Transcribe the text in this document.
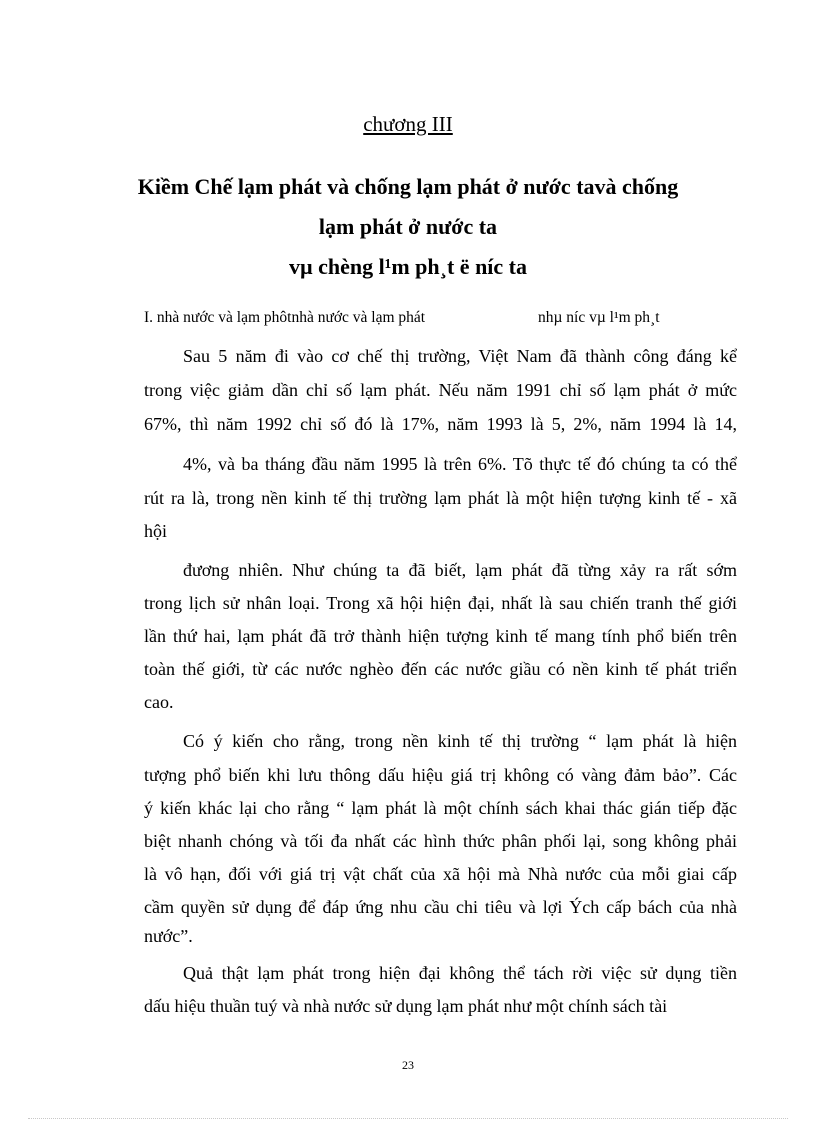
chương III
Kiềm Chế lạm phát và chống lạm phát ở nước tavà chống
lạm phát ở nước ta
vµ chèng l¹m ph¸t ë níc ta
I. nhà nước và lạm phôtnhà nước và lạm phát	nhµ níc vµ l¹m ph¸t
Sau 5 năm đi vào cơ chế thị trường, Việt Nam đã thành công đáng kể
trong việc giảm dần chỉ số lạm phát. Nếu năm 1991 chỉ số lạm phát ở mức
67%, thì năm 1992 chỉ số đó là 17%, năm 1993 là 5, 2%, năm 1994 là 14,
4%, và ba tháng đầu năm 1995 là trên 6%. Tõ thực tế đó chúng ta có thể
rút ra là, trong nền kinh tế thị trường lạm phát là một hiện tượng kinh tế - xã
hội
đương nhiên. Như chúng ta đã biết, lạm phát đã từng xảy ra rất sớm
trong lịch sử nhân loại. Trong xã hội hiện đại, nhất là sau chiến tranh thế giới
lần thứ hai, lạm phát đã trở thành hiện tượng kinh tế mang tính phổ biến trên
toàn thế giới, từ các nước nghèo đến các nước giầu có nền kinh tế phát triển
cao.
Có ý kiến cho rằng, trong nền kinh tế thị trường “ lạm phát là hiện
tượng phổ biến khi lưu thông dấu hiệu giá trị không có vàng đảm bảo”. Các
ý kiến khác lại cho rằng “ lạm phát là một chính sách khai thác gián tiếp đặc
biệt nhanh chóng và tối đa nhất các hình thức phân phối lại, song không phải
là vô hạn, đối với giá trị vật chất của xã hội mà Nhà nước của mỗi giai cấp
cầm quyền sử dụng để đáp ứng nhu cầu chi tiêu và lợi Ých cấp bách của nhà
nước”.
Quả thật lạm phát trong hiện đại không thể tách rời việc sử dụng tiền
dấu hiệu thuần tuý và nhà nước sử dụng lạm phát như một chính sách tài
23
